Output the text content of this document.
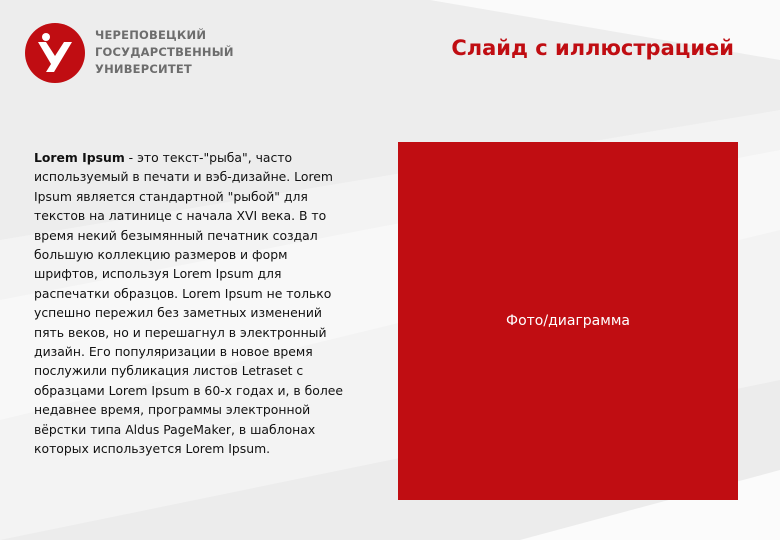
ЧЕРЕПОВЕЦКИЙ
ГОСУДАРСТВЕННЫЙ
УНИВЕРСИТЕТ
Слайд с иллюстрацией

Lorem Ipsum - это текст-"рыба", часто используемый в печати и вэб-дизайне. Lorem Ipsum является стандартной "рыбой" для текстов на латинице с начала XVI века. В то время некий безымянный печатник создал большую коллекцию размеров и форм шрифтов, используя Lorem Ipsum для распечатки образцов. Lorem Ipsum не только успешно пережил без заметных изменений пять веков, но и перешагнул в электронный дизайн. Его популяризации в новое время послужили публикация листов Letraset с образцами Lorem Ipsum в 60-х годах и, в более недавнее время, программы электронной вёрстки типа Aldus PageMaker, в шаблонах которых используется Lorem Ipsum.

Фото/диаграмма
